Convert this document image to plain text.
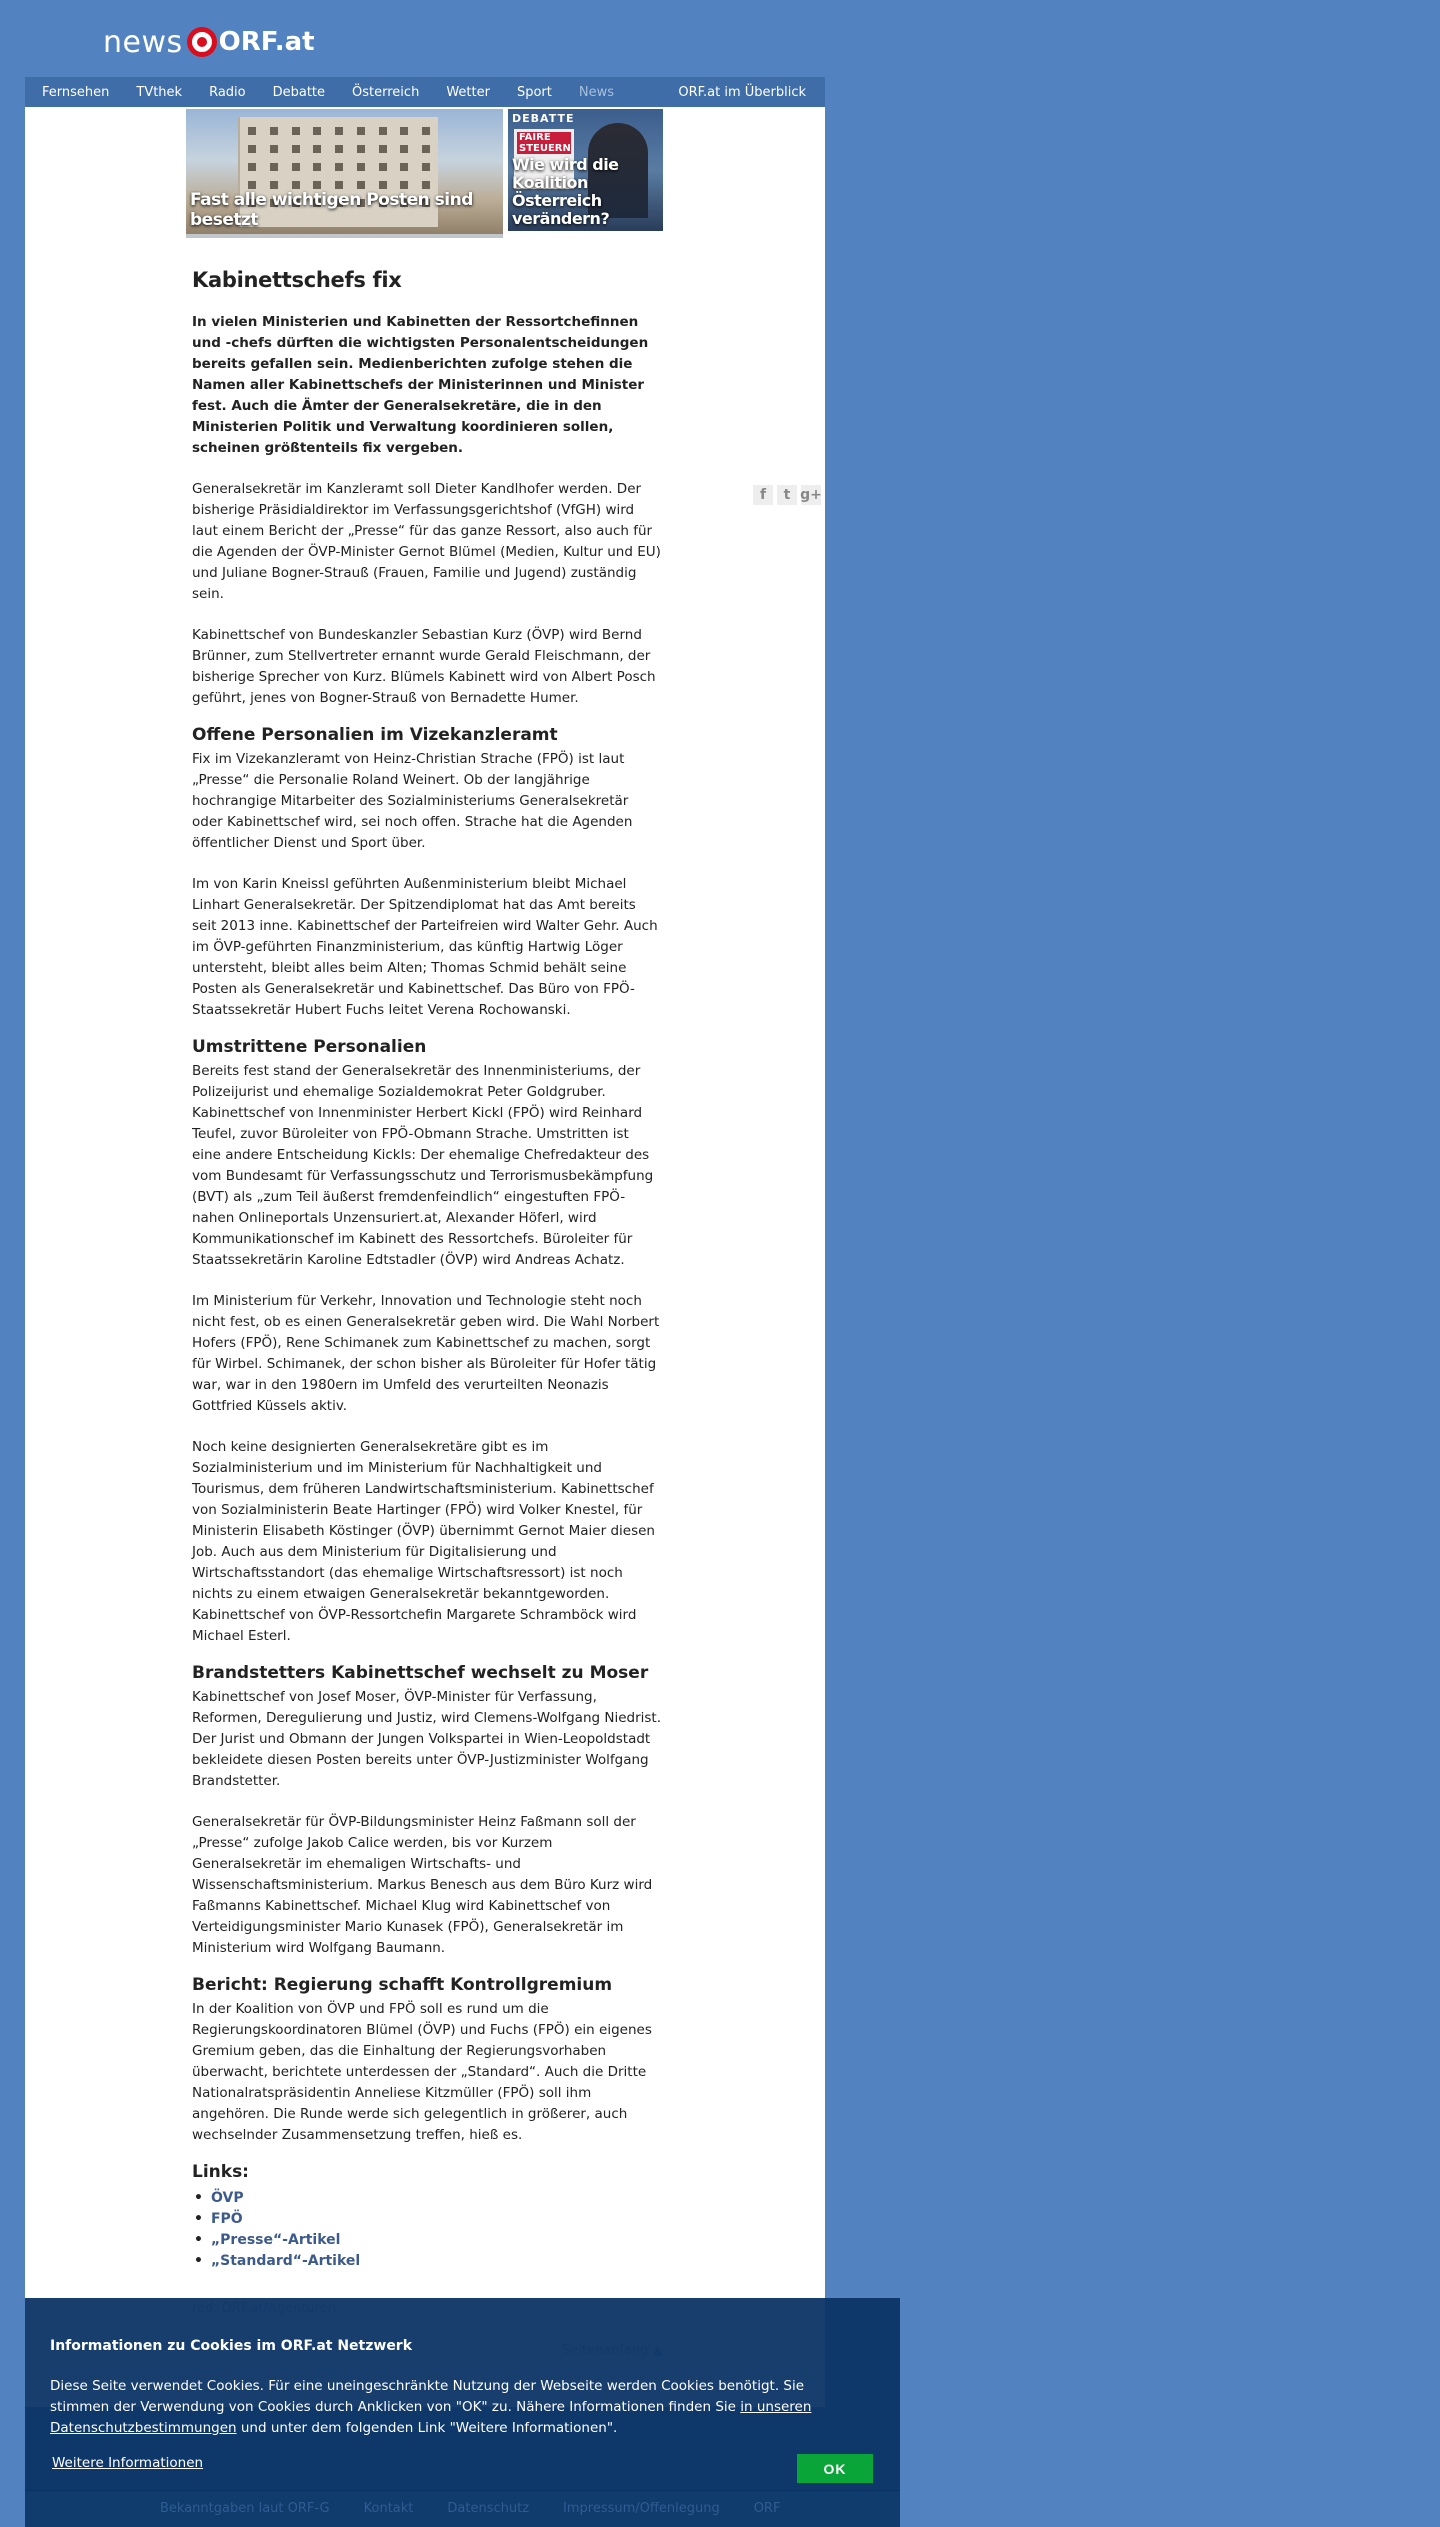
news ORF.at
Fernsehen TVthek Radio Debatte Österreich Wetter Sport News	ORF.at im Überblick
Fast alle wichtigen Posten sind besetzt
DEBATTE
FAIRE STEUERN
Wie wird die Koalition Österreich verändern?
Kabinettschefs fix

In vielen Ministerien und Kabinetten der Ressortchefinnen und -chefs dürften die wichtigsten Personalentscheidungen bereits gefallen sein. Medienberichten zufolge stehen die Namen aller Kabinettschefs der Ministerinnen und Minister fest. Auch die Ämter der Generalsekretäre, die in den Ministerien Politik und Verwaltung koordinieren sollen, scheinen größtenteils fix vergeben.

Generalsekretär im Kanzleramt soll Dieter Kandlhofer werden. Der bisherige Präsidialdirektor im Verfassungsgerichtshof (VfGH) wird laut einem Bericht der „Presse“ für das ganze Ressort, also auch für die Agenden der ÖVP-Minister Gernot Blümel (Medien, Kultur und EU) und Juliane Bogner-Strauß (Frauen, Familie und Jugend) zuständig sein.

Kabinettschef von Bundeskanzler Sebastian Kurz (ÖVP) wird Bernd Brünner, zum Stellvertreter ernannt wurde Gerald Fleischmann, der bisherige Sprecher von Kurz. Blümels Kabinett wird von Albert Posch geführt, jenes von Bogner-Strauß von Bernadette Humer.

Offene Personalien im Vizekanzleramt

Fix im Vizekanzleramt von Heinz-Christian Strache (FPÖ) ist laut „Presse“ die Personalie Roland Weinert. Ob der langjährige hochrangige Mitarbeiter des Sozialministeriums Generalsekretär oder Kabinettschef wird, sei noch offen. Strache hat die Agenden öffentlicher Dienst und Sport über.

Im von Karin Kneissl geführten Außenministerium bleibt Michael Linhart Generalsekretär. Der Spitzendiplomat hat das Amt bereits seit 2013 inne. Kabinettschef der Parteifreien wird Walter Gehr. Auch im ÖVP-geführten Finanzministerium, das künftig Hartwig Löger untersteht, bleibt alles beim Alten; Thomas Schmid behält seine Posten als Generalsekretär und Kabinettschef. Das Büro von FPÖ-Staatssekretär Hubert Fuchs leitet Verena Rochowanski.

Umstrittene Personalien

Bereits fest stand der Generalsekretär des Innenministeriums, der Polizeijurist und ehemalige Sozialdemokrat Peter Goldgruber. Kabinettschef von Innenminister Herbert Kickl (FPÖ) wird Reinhard Teufel, zuvor Büroleiter von FPÖ-Obmann Strache. Umstritten ist eine andere Entscheidung Kickls: Der ehemalige Chefredakteur des vom Bundesamt für Verfassungsschutz und Terrorismusbekämpfung (BVT) als „zum Teil äußerst fremdenfeindlich“ eingestuften FPÖ-nahen Onlineportals Unzensuriert.at, Alexander Höferl, wird Kommunikationschef im Kabinett des Ressortchefs. Büroleiter für Staatssekretärin Karoline Edtstadler (ÖVP) wird Andreas Achatz.

Im Ministerium für Verkehr, Innovation und Technologie steht noch nicht fest, ob es einen Generalsekretär geben wird. Die Wahl Norbert Hofers (FPÖ), Rene Schimanek zum Kabinettschef zu machen, sorgt für Wirbel. Schimanek, der schon bisher als Büroleiter für Hofer tätig war, war in den 1980ern im Umfeld des verurteilten Neonazis Gottfried Küssels aktiv.

Noch keine designierten Generalsekretäre gibt es im Sozialministerium und im Ministerium für Nachhaltigkeit und Tourismus, dem früheren Landwirtschaftsministerium. Kabinettschef von Sozialministerin Beate Hartinger (FPÖ) wird Volker Knestel, für Ministerin Elisabeth Köstinger (ÖVP) übernimmt Gernot Maier diesen Job. Auch aus dem Ministerium für Digitalisierung und Wirtschaftsstandort (das ehemalige Wirtschaftsressort) ist noch nichts zu einem etwaigen Generalsekretär bekanntgeworden. Kabinettschef von ÖVP-Ressortchefin Margarete Schramböck wird Michael Esterl.

Brandstetters Kabinettschef wechselt zu Moser

Kabinettschef von Josef Moser, ÖVP-Minister für Verfassung, Reformen, Deregulierung und Justiz, wird Clemens-Wolfgang Niedrist. Der Jurist und Obmann der Jungen Volkspartei in Wien-Leopoldstadt bekleidete diesen Posten bereits unter ÖVP-Justizminister Wolfgang Brandstetter.

Generalsekretär für ÖVP-Bildungsminister Heinz Faßmann soll der „Presse“ zufolge Jakob Calice werden, bis vor Kurzem Generalsekretär im ehemaligen Wirtschafts- und Wissenschaftsministerium. Markus Benesch aus dem Büro Kurz wird Faßmanns Kabinettschef. Michael Klug wird Kabinettschef von Verteidigungsminister Mario Kunasek (FPÖ), Generalsekretär im Ministerium wird Wolfgang Baumann.

Bericht: Regierung schafft Kontrollgremium

In der Koalition von ÖVP und FPÖ soll es rund um die Regierungskoordinatoren Blümel (ÖVP) und Fuchs (FPÖ) ein eigenes Gremium geben, das die Einhaltung der Regierungsvorhaben überwacht, berichtete unterdessen der „Standard“. Auch die Dritte Nationalratspräsidentin Anneliese Kitzmüller (FPÖ) soll ihm angehören. Die Runde werde sich gelegentlich in größerer, auch wechselnder Zusammensetzung treffen, hieß es.

Links:
• ÖVP
• FPÖ
• „Presse“-Artikel
• „Standard“-Artikel
f	t g+
Bekanntgaben laut ORF-G	Kontakt	Datenschutz	Impressum/Offenlegung	ORF
Informationen zu Cookies im ORF.at Netzwerk

Diese Seite verwendet Cookies. Für eine uneingeschränkte Nutzung der Webseite werden Cookies benötigt. Sie stimmen der Verwendung von Cookies durch Anklicken von "OK" zu. Nähere Informationen finden Sie in unseren Datenschutzbestimmungen und unter dem folgenden Link "Weitere Informationen".

Weitere Informationen	OK
